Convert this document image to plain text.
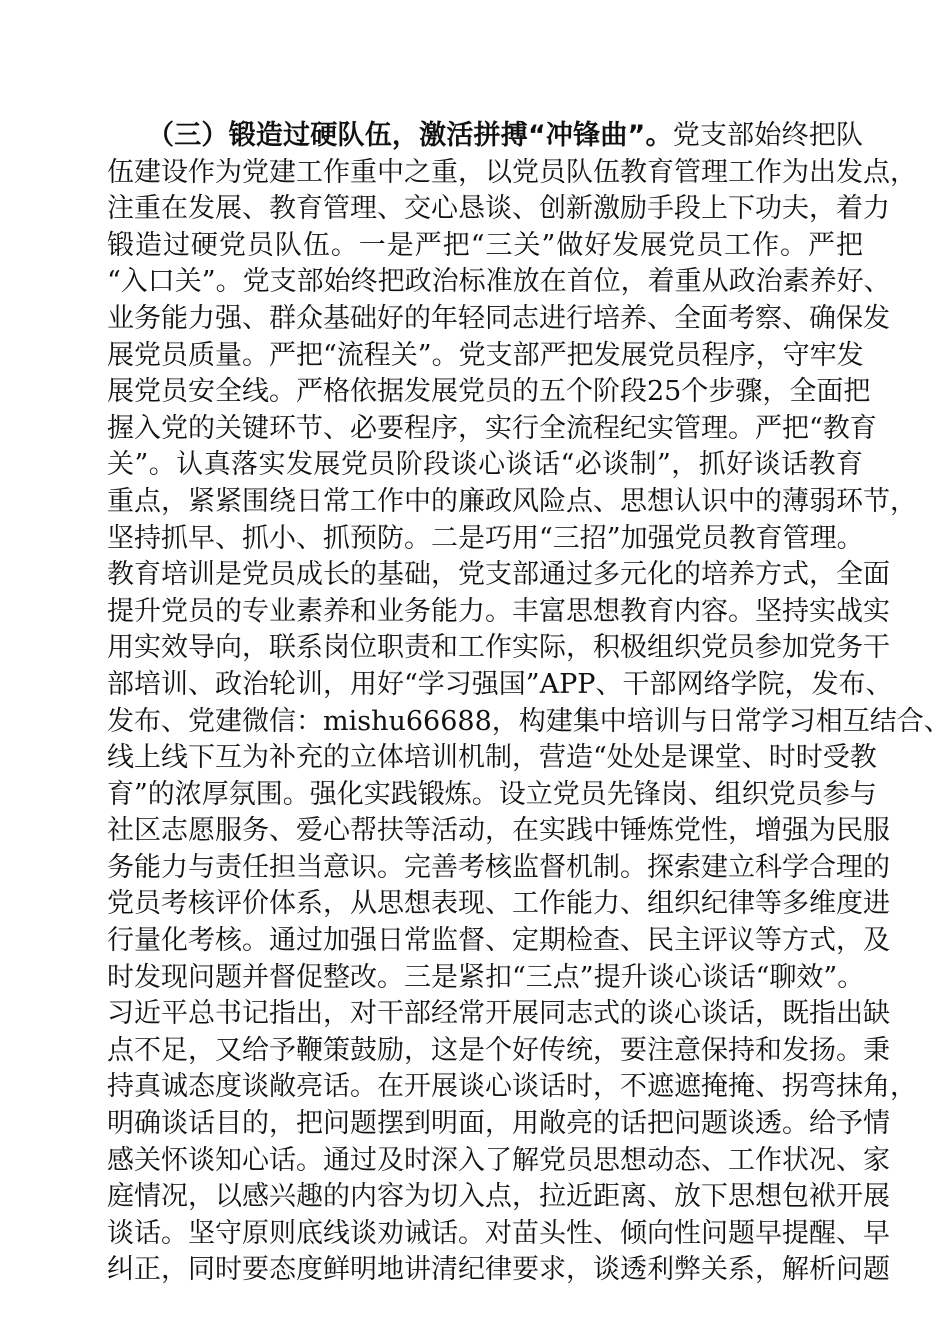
（三）锻造过硬队伍，激活拼搏“冲锋曲”。党支部始终把队
伍建设作为党建工作重中之重，以党员队伍教育管理工作为出发点，
注重在发展、教育管理、交心恳谈、创新激励手段上下功夫，着力
锻造过硬党员队伍。一是严把“三关”做好发展党员工作。严把
“入口关”。党支部始终把政治标准放在首位，着重从政治素养好、
业务能力强、群众基础好的年轻同志进行培养、全面考察、确保发
展党员质量。严把“流程关”。党支部严把发展党员程序，守牢发
展党员安全线。严格依据发展党员的五个阶段25个步骤，全面把
握入党的关键环节、必要程序，实行全流程纪实管理。严把“教育
关”。认真落实发展党员阶段谈心谈话“必谈制”，抓好谈话教育
重点，紧紧围绕日常工作中的廉政风险点、思想认识中的薄弱环节，
坚持抓早、抓小、抓预防。二是巧用“三招”加强党员教育管理。
教育培训是党员成长的基础，党支部通过多元化的培养方式，全面
提升党员的专业素养和业务能力。丰富思想教育内容。坚持实战实
用实效导向，联系岗位职责和工作实际，积极组织党员参加党务干
部培训、政治轮训，用好“学习强国”APP、干部网络学院，发布、
发布、党建微信：mishu66688，构建集中培训与日常学习相互结合、
线上线下互为补充的立体培训机制，营造“处处是课堂、时时受教
育”的浓厚氛围。强化实践锻炼。设立党员先锋岗、组织党员参与
社区志愿服务、爱心帮扶等活动，在实践中锤炼党性，增强为民服
务能力与责任担当意识。完善考核监督机制。探索建立科学合理的
党员考核评价体系，从思想表现、工作能力、组织纪律等多维度进
行量化考核。通过加强日常监督、定期检查、民主评议等方式，及
时发现问题并督促整改。三是紧扣“三点”提升谈心谈话“聊效”。
习近平总书记指出，对干部经常开展同志式的谈心谈话，既指出缺
点不足，又给予鞭策鼓励，这是个好传统，要注意保持和发扬。秉
持真诚态度谈敞亮话。在开展谈心谈话时，不遮遮掩掩、拐弯抹角，
明确谈话目的，把问题摆到明面，用敞亮的话把问题谈透。给予情
感关怀谈知心话。通过及时深入了解党员思想动态、工作状况、家
庭情况，以感兴趣的内容为切入点，拉近距离、放下思想包袱开展
谈话。坚守原则底线谈劝诫话。对苗头性、倾向性问题早提醒、早
纠正，同时要态度鲜明地讲清纪律要求，谈透利弊关系，解析问题
